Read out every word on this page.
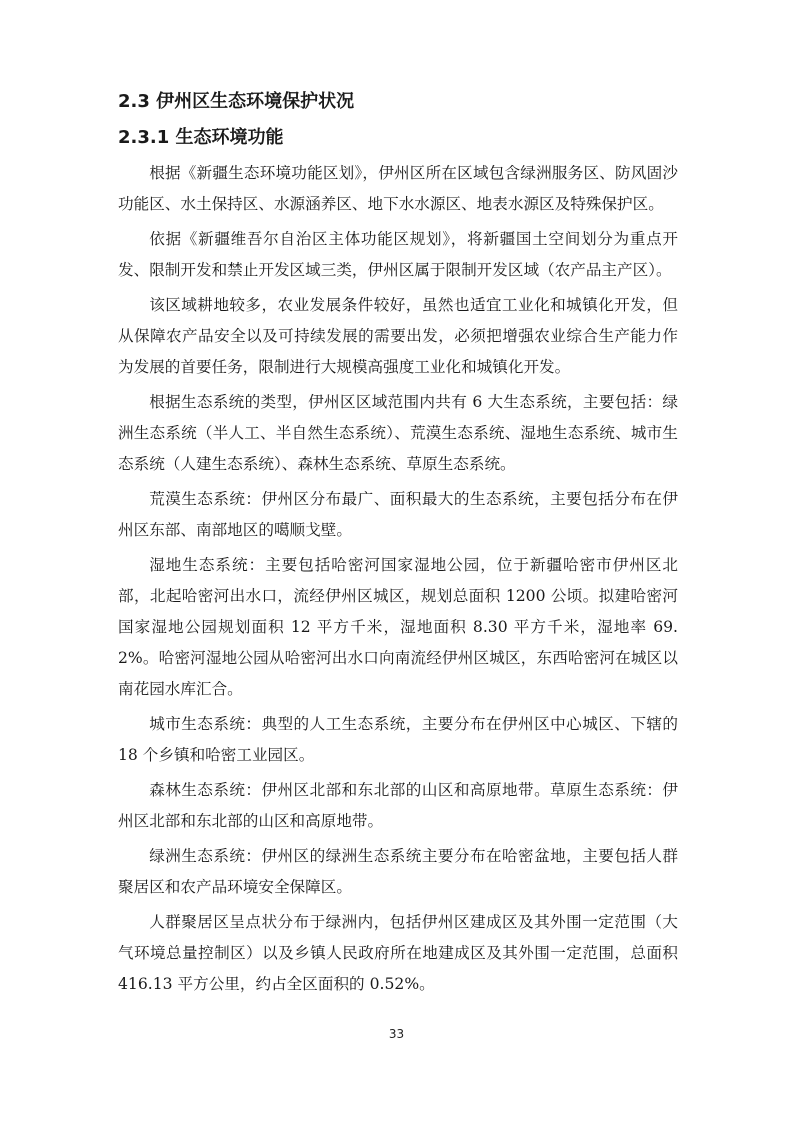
2.3 伊州区生态环境保护状况
2.3.1 生态环境功能

根据《新疆生态环境功能区划》，伊州区所在区域包含绿洲服务区、防风固沙功能区、水土保持区、水源涵养区、地下水水源区、地表水源区及特殊保护区。

依据《新疆维吾尔自治区主体功能区规划》，将新疆国土空间划分为重点开发、限制开发和禁止开发区域三类，伊州区属于限制开发区域（农产品主产区）。

该区域耕地较多，农业发展条件较好，虽然也适宜工业化和城镇化开发，但从保障农产品安全以及可持续发展的需要出发，必须把增强农业综合生产能力作为发展的首要任务，限制进行大规模高强度工业化和城镇化开发。

根据生态系统的类型，伊州区区域范围内共有 6 大生态系统，主要包括：绿洲生态系统（半人工、半自然生态系统）、荒漠生态系统、湿地生态系统、城市生态系统（人建生态系统）、森林生态系统、草原生态系统。

荒漠生态系统：伊州区分布最广、面积最大的生态系统，主要包括分布在伊州区东部、南部地区的噶顺戈壁。

湿地生态系统：主要包括哈密河国家湿地公园，位于新疆哈密市伊州区北部，北起哈密河出水口，流经伊州区城区，规划总面积 1200 公顷。拟建哈密河国家湿地公园规划面积 12 平方千米，湿地面积 8.30 平方千米，湿地率 69.2%。哈密河湿地公园从哈密河出水口向南流经伊州区城区，东西哈密河在城区以南花园水库汇合。

城市生态系统：典型的人工生态系统，主要分布在伊州区中心城区、下辖的 18 个乡镇和哈密工业园区。

森林生态系统：伊州区北部和东北部的山区和高原地带。草原生态系统：伊州区北部和东北部的山区和高原地带。

绿洲生态系统：伊州区的绿洲生态系统主要分布在哈密盆地，主要包括人群聚居区和农产品环境安全保障区。

人群聚居区呈点状分布于绿洲内，包括伊州区建成区及其外围一定范围（大气环境总量控制区）以及乡镇人民政府所在地建成区及其外围一定范围，总面积 416.13 平方公里，约占全区面积的 0.52%。

33
